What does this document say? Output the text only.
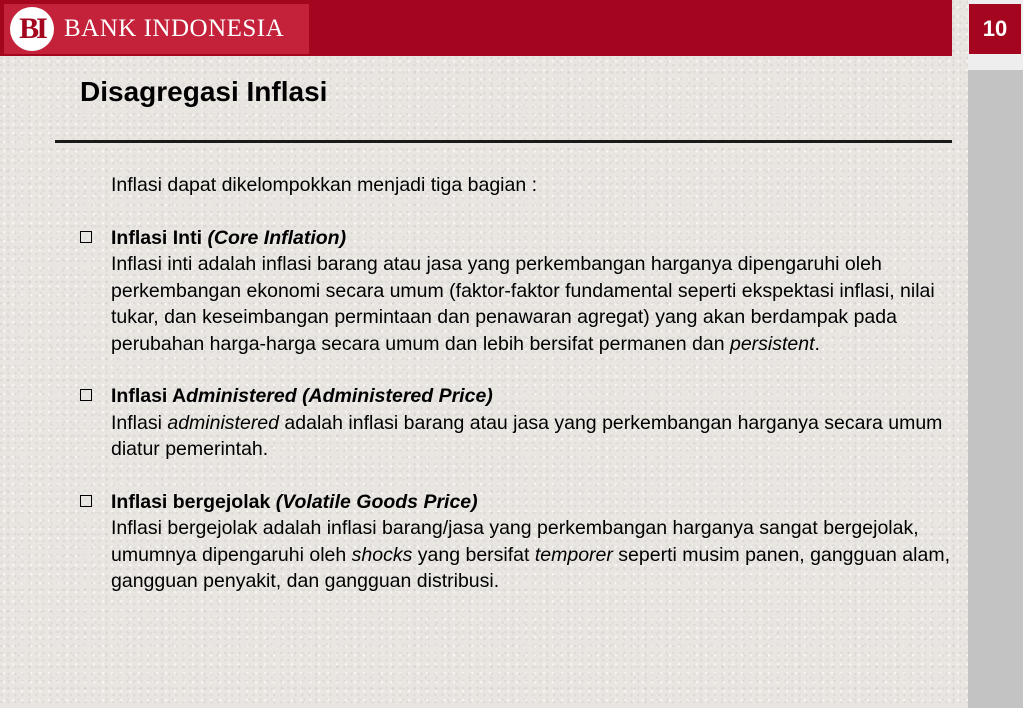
BI BANK INDONESIA	10
Disagregasi Inflasi
Inflasi dapat dikelompokkan menjadi tiga bagian :
Inflasi Inti (Core Inflation)
Inflasi inti adalah inflasi barang atau jasa yang perkembangan harganya dipengaruhi oleh perkembangan ekonomi secara umum (faktor-faktor fundamental seperti ekspektasi inflasi, nilai tukar, dan keseimbangan permintaan dan penawaran agregat) yang akan berdampak pada perubahan harga-harga secara umum dan lebih bersifat permanen dan persistent.
Inflasi Administered (Administered Price)
Inflasi administered adalah inflasi barang atau jasa yang perkembangan harganya secara umum diatur pemerintah.
Inflasi bergejolak (Volatile Goods Price)
Inflasi bergejolak adalah inflasi barang/jasa yang perkembangan harganya sangat bergejolak, umumnya dipengaruhi oleh shocks yang bersifat temporer seperti musim panen, gangguan alam, gangguan penyakit, dan gangguan distribusi.
